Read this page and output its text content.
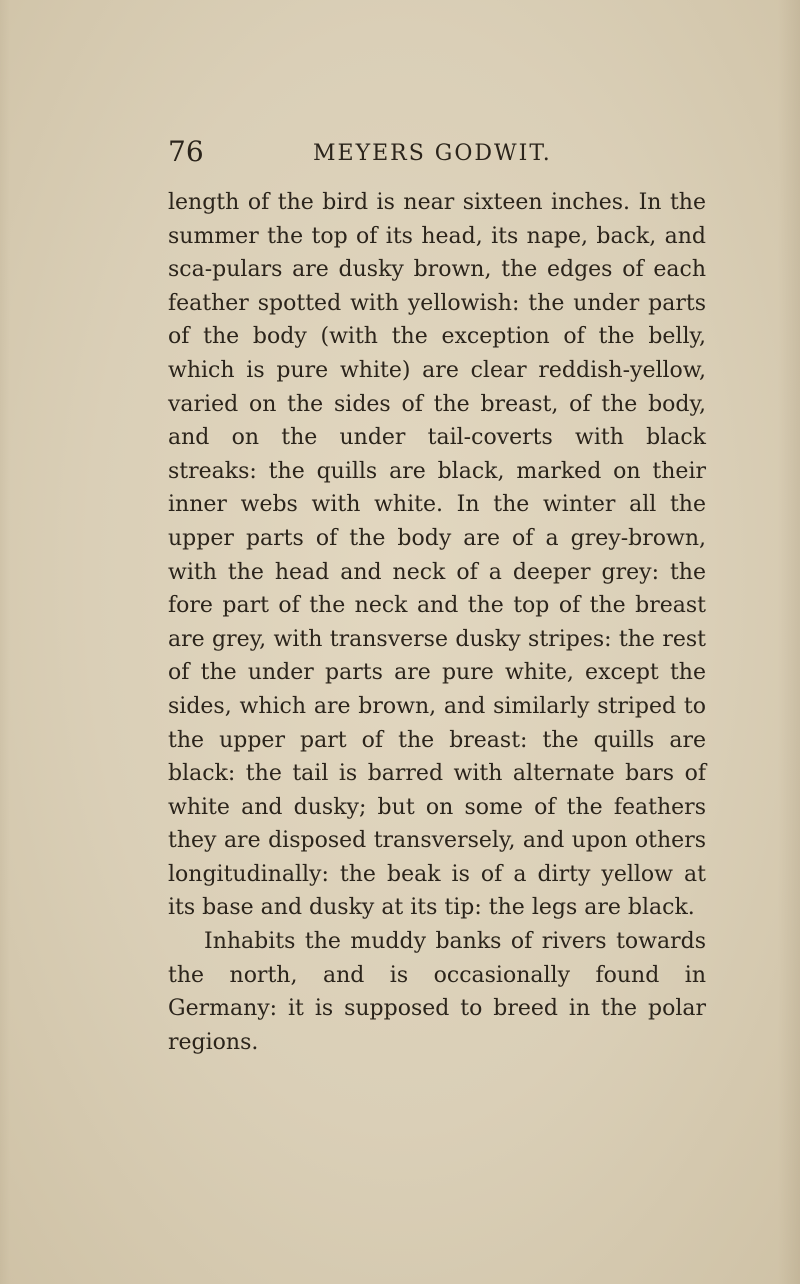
76	MEYERS GODWIT.

length of the bird is near sixteen inches. In the summer the top of its head, its nape, back, and sca-pulars are dusky brown, the edges of each feather spotted with yellowish: the under parts of the body (with the exception of the belly, which is pure white) are clear reddish-yellow, varied on the sides of the breast, of the body, and on the under tail-coverts with black streaks: the quills are black, marked on their inner webs with white. In the winter all the upper parts of the body are of a grey-brown, with the head and neck of a deeper grey: the fore part of the neck and the top of the breast are grey, with transverse dusky stripes: the rest of the under parts are pure white, except the sides, which are brown, and similarly striped to the upper part of the breast: the quills are black: the tail is barred with alternate bars of white and dusky; but on some of the feathers they are disposed transversely, and upon others longitudinally: the beak is of a dirty yellow at its base and dusky at its tip: the legs are black.

Inhabits the muddy banks of rivers towards the north, and is occasionally found in Germany: it is supposed to breed in the polar regions.
